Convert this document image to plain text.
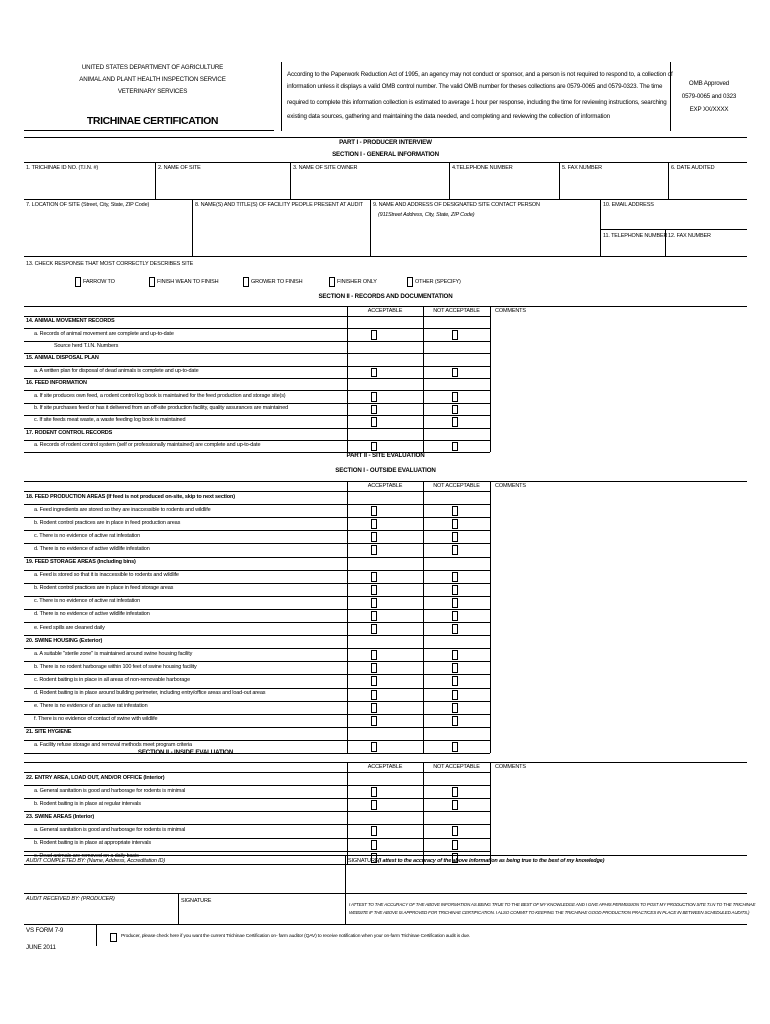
UNITED STATES DEPARTMENT OF AGRICULTURE
ANIMAL AND PLANT HEALTH INSPECTION SERVICE
VETERINARY SERVICES
TRICHINAE CERTIFICATION
According to the Paperwork Reduction Act of 1995, an agency may not conduct or sponsor, and a person is not required to respond to, a collection of
information unless it displays a valid OMB control number. The valid OMB number for theses collections are 0579-0065 and 0579-0323. The time
required to complete this information collection is estimated to average 1 hour per response, including the time for reviewing instructions, searching
existing data sources, gathering and maintaining the data needed, and completing and reviewing the collection of information
OMB Approved
0579-0065 and 0323
EXP XX/XXXX
PART I - PRODUCER INTERVIEW
SECTION I - GENERAL INFORMATION
1. TRICHINAE ID NO. (T.I.N. #)	2. NAME OF SITE	3. NAME OF SITE OWNER	4.TELEPHONE NUMBER	5. FAX NUMBER	6. DATE AUDITED
7. LOCATION OF SITE (Street, City, State, ZIP Code)	8. NAME(S) AND TITLE(S) OF FACILITY PEOPLE PRESENT AT AUDIT 9. NAME AND ADDRESS OF DESIGNATED SITE CONTACT PERSON
(911Street Address, City, State, ZIP Code)
10. EMAIL ADDRESS
11. TELEPHONE NUMBER 12. FAX NUMBER
13. CHECK RESPONSE THAT MOST CORRECTLY DESCRIBES SITE
FARROW TO	FINISH WEAN TO FINISH	GROWER TO FINISH	FINISHER ONLY	OTHER (SPECIFY)
SECTION II - RECORDS AND DOCUMENTATION
ACCEPTABLE	NOT ACCEPTABLE	COMMENTS
14. ANIMAL MOVEMENT RECORDS
a. Records of animal movement are complete and up-to-date
Source herd T.I.N. Numbers
15. ANIMAL DISPOSAL PLAN
a. A written plan for disposal of dead animals is complete and up-to-date
16. FEED INFORMATION
a. If site produces own feed, a rodent control log book is maintained for the feed production and storage site(s)
b. If site purchases feed or has it delivered from an off-site production facility, quality assurances are maintained
c. If site feeds meat waste, a waste feeding log book is maintained
17. RODENT CONTROL RECORDS
a. Records of rodent control system (self or professionally maintained) are complete and up-to-date
PART II - SITE EVALUATION
SECTION I - OUTSIDE EVALUATION
ACCEPTABLE	NOT ACCEPTABLE	COMMENTS
18. FEED PRODUCTION AREAS (If feed is not produced on-site, skip to next section)
a. Feed ingredients are stored so they are inaccessible to rodents and wildlife
b. Rodent control practices are in place in feed production areas
c. There is no evidence of active rat infestation
d. There is no evidence of active wildlife infestation
19. FEED STORAGE AREAS (Including bins)
a. Feed is stored so that it is inaccessible to rodents and wildlife
b. Rodent control practices are in place in feed storage areas
c. There is no evidence of active rat infestation
d. There is no evidence of active wildlife infestation
e. Feed spills are cleaned daily
20. SWINE HOUSING (Exterior)
a. A suitable "sterile zone" is maintained around swine housing facility
b. There is no rodent harborage within 100 feet of swine housing facility
c. Rodent baiting is in place in all areas of non-removable harborage
d. Rodent baiting is in place around building perimeter, including entry/office areas and load-out areas
e. There is no evidence of an active rat infestation
f. There is no evidence of contact of swine with wildlife
21. SITE HYGIENE
a. Facility refuse storage and removal methods meet program criteria
SECTION II - INSIDE EVALUATION
ACCEPTABLE	NOT ACCEPTABLE	COMMENTS
22. ENTRY AREA, LOAD OUT, AND/OR OFFICE (Interior)
a. General sanitation is good and harborage for rodents is minimal
b. Rodent baiting is in place at regular intervals
23. SWINE AREAS (Interior)
a. General sanitation is good and harborage for rodents is minimal
b. Rodent baiting is in place at appropriate intervals
c. Dead animals are removed on a daily basis
AUDIT COMPLETED BY: (Name, Address, Accreditation ID)	SIGNATURE (I attest to the accuracy of the above information as being true to the best of my knowledge)
AUDIT RECEIVED BY: (PRODUCER)	SIGNATURE
I ATTEST TO THE ACCURACY OF THE ABOVE INFORMATION AS BEING TRUE TO THE BEST OF MY KNOWLEDGE AND I GIVE APHIS PERMISSION TO POST MY PRODUCTION SITE T.I.N TO THE TRICHINAE
WEBSITE IF THE ABOVE IS APPROVED FOR TRICHINAE CERTIFICATION. I ALSO COMMIT TO KEEPING THE TRICHINAE GOOD PRODUCTION PRACTICES IN PLACE IN BETWEEN SCHEDULED AUDITS.)
VS FORM 7-9
JUNE 2011
Producer, please check here if you want the current Trichinae Certification on- farm auditor (QAV) to receive notification when your on-farm Trichinae Certification audit is due.
